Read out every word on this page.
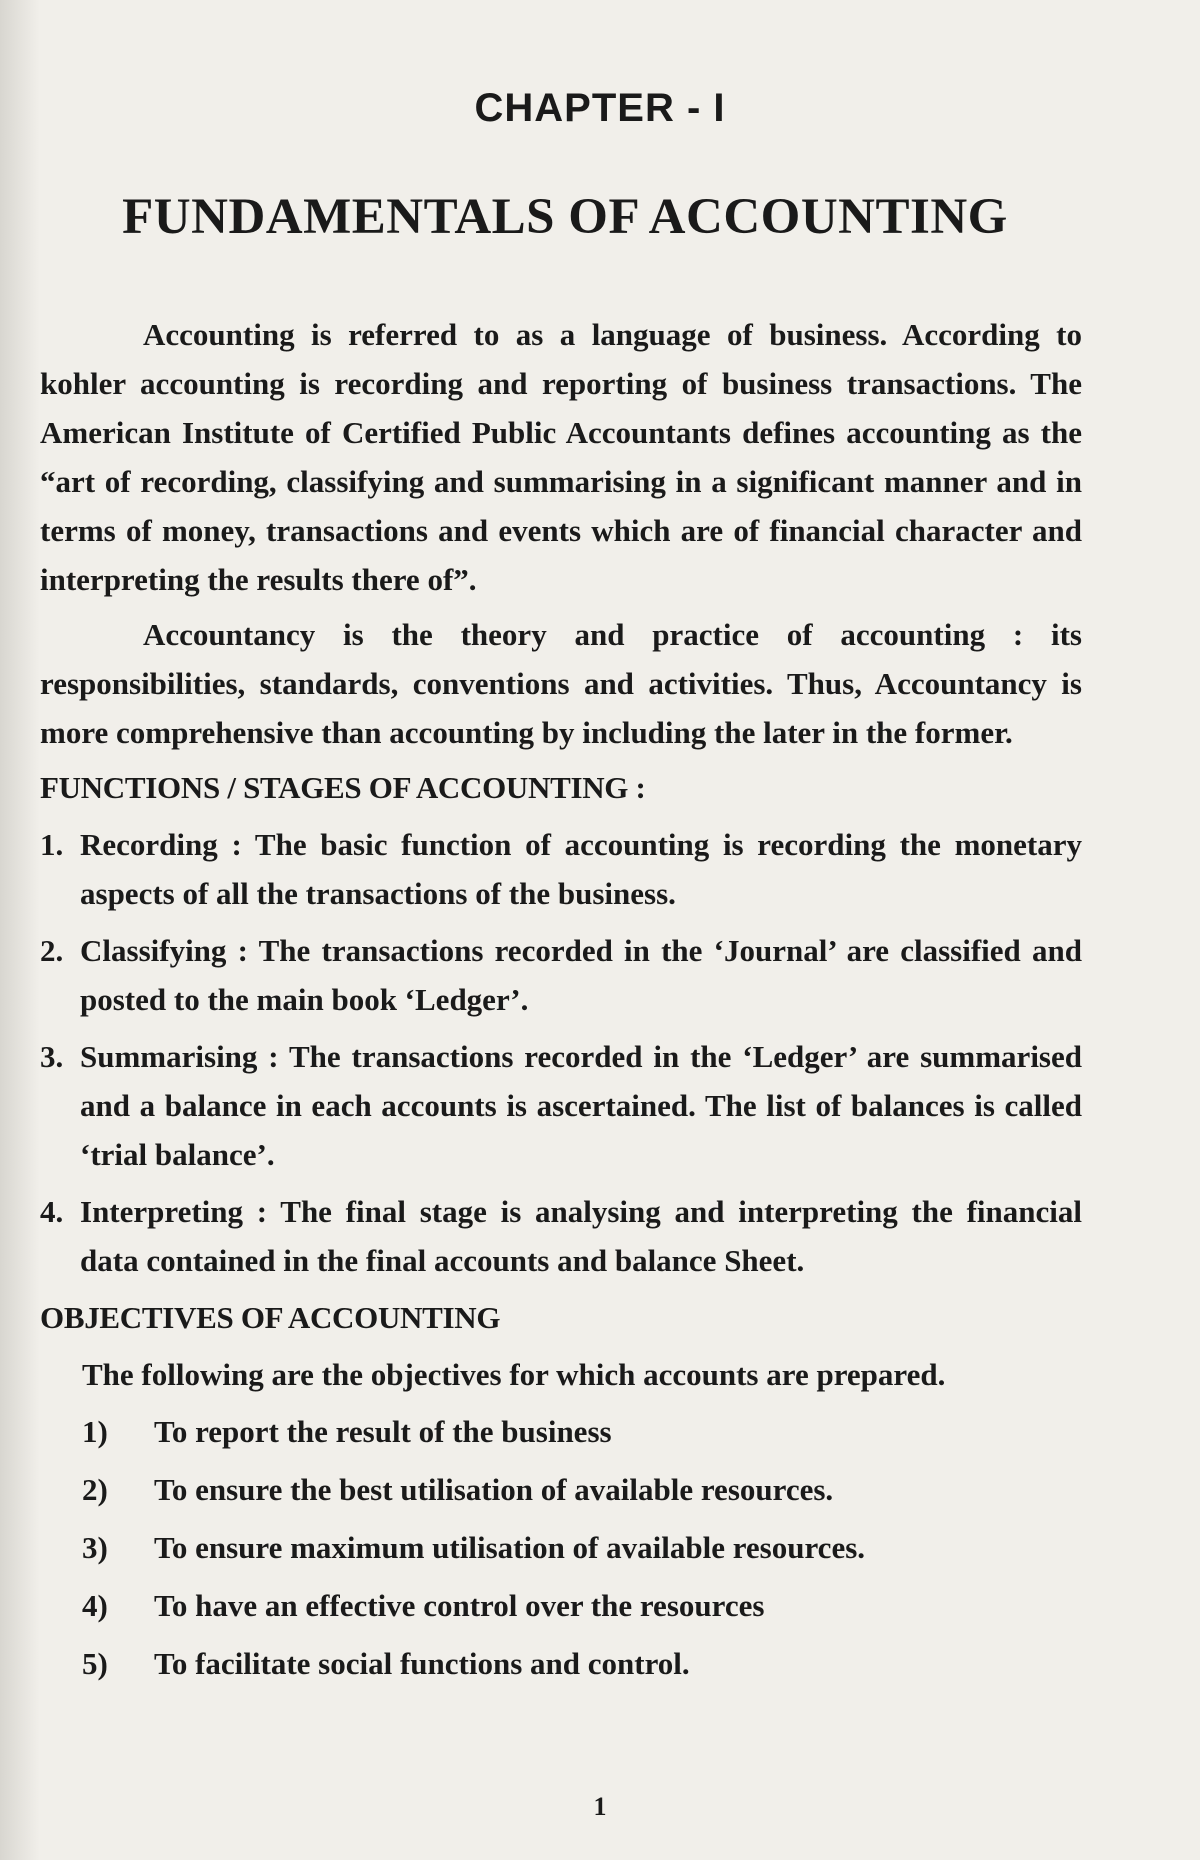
CHAPTER - I
FUNDAMENTALS OF ACCOUNTING

Accounting is referred to as a language of business. According to kohler accounting is recording and reporting of business transactions. The American Institute of Certified Public Accountants defines accounting as the “art of recording, classifying and summarising in a significant manner and in terms of money, transactions and events which are of financial character and interpreting the results there of”.

Accountancy is the theory and practice of accounting : its responsibilities, standards, conventions and activities. Thus, Accountancy is more comprehensive than accounting by including the later in the former.

FUNCTIONS / STAGES OF ACCOUNTING :
1. Recording : The basic function of accounting is recording the monetary aspects of all the transactions of the business.
2. Classifying : The transactions recorded in the ‘Journal’ are classified and posted to the main book ‘Ledger’.
3. Summarising : The transactions recorded in the ‘Ledger’ are summarised and a balance in each accounts is ascertained. The list of balances is called ‘trial balance’.
4. Interpreting : The final stage is analysing and interpreting the financial data contained in the final accounts and balance Sheet.
OBJECTIVES OF ACCOUNTING
The following are the objectives for which accounts are prepared.
1) To report the result of the business
2) To ensure the best utilisation of available resources.
3) To ensure maximum utilisation of available resources.
4) To have an effective control over the resources
5) To facilitate social functions and control.
1
